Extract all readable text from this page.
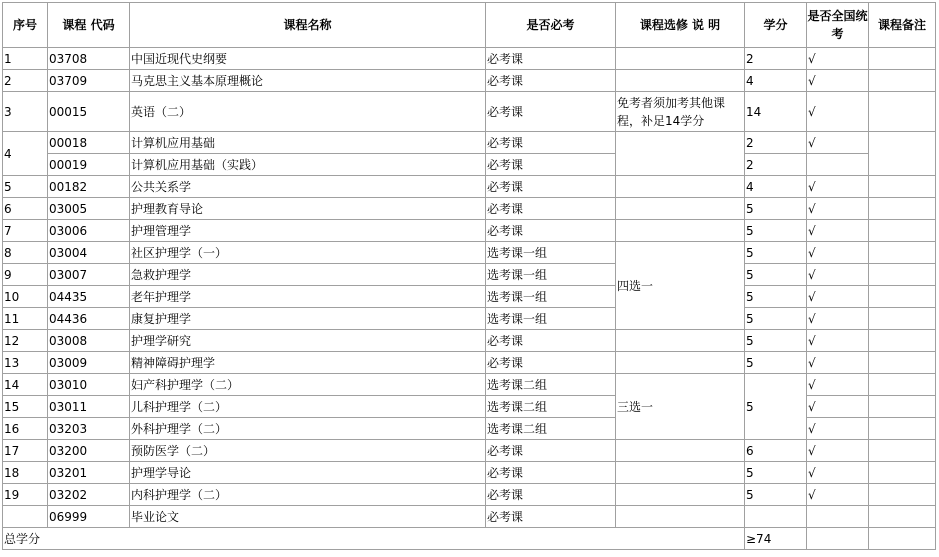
序号	课程 代码	课程名称	是否必考	课程选修 说 明	学分	是否全国统考	课程备注
1	03708	中国近现代史纲要	必考课		2	√	
2	03709	马克思主义基本原理概论	必考课		4	√	
3	00015	英语（二）	必考课	免考者须加考其他课程，补足14学分	14	√	
4	00018	计算机应用基础	必考课		2	√	
	00019	计算机应用基础（实践）	必考课		2		
5	00182	公共关系学	必考课		4	√	
6	03005	护理教育导论	必考课		5	√	
7	03006	护理管理学	必考课		5	√	
8	03004	社区护理学（一）	选考课一组	四选一	5	√	
9	03007	急救护理学	选考课一组		5	√	
10	04435	老年护理学	选考课一组		5	√	
11	04436	康复护理学	选考课一组		5	√	
12	03008	护理学研究	必考课		5	√	
13	03009	精神障碍护理学	必考课		5	√	
14	03010	妇产科护理学（二）	选考课二组	三选一	5	√	
15	03011	儿科护理学（二）	选考课二组			√	
16	03203	外科护理学（二）	选考课二组			√	
17	03200	预防医学（二）	必考课		6	√	
18	03201	护理学导论	必考课		5	√	
19	03202	内科护理学（二）	必考课		5	√	
	06999	毕业论文	必考课				
总学分					≥74		
